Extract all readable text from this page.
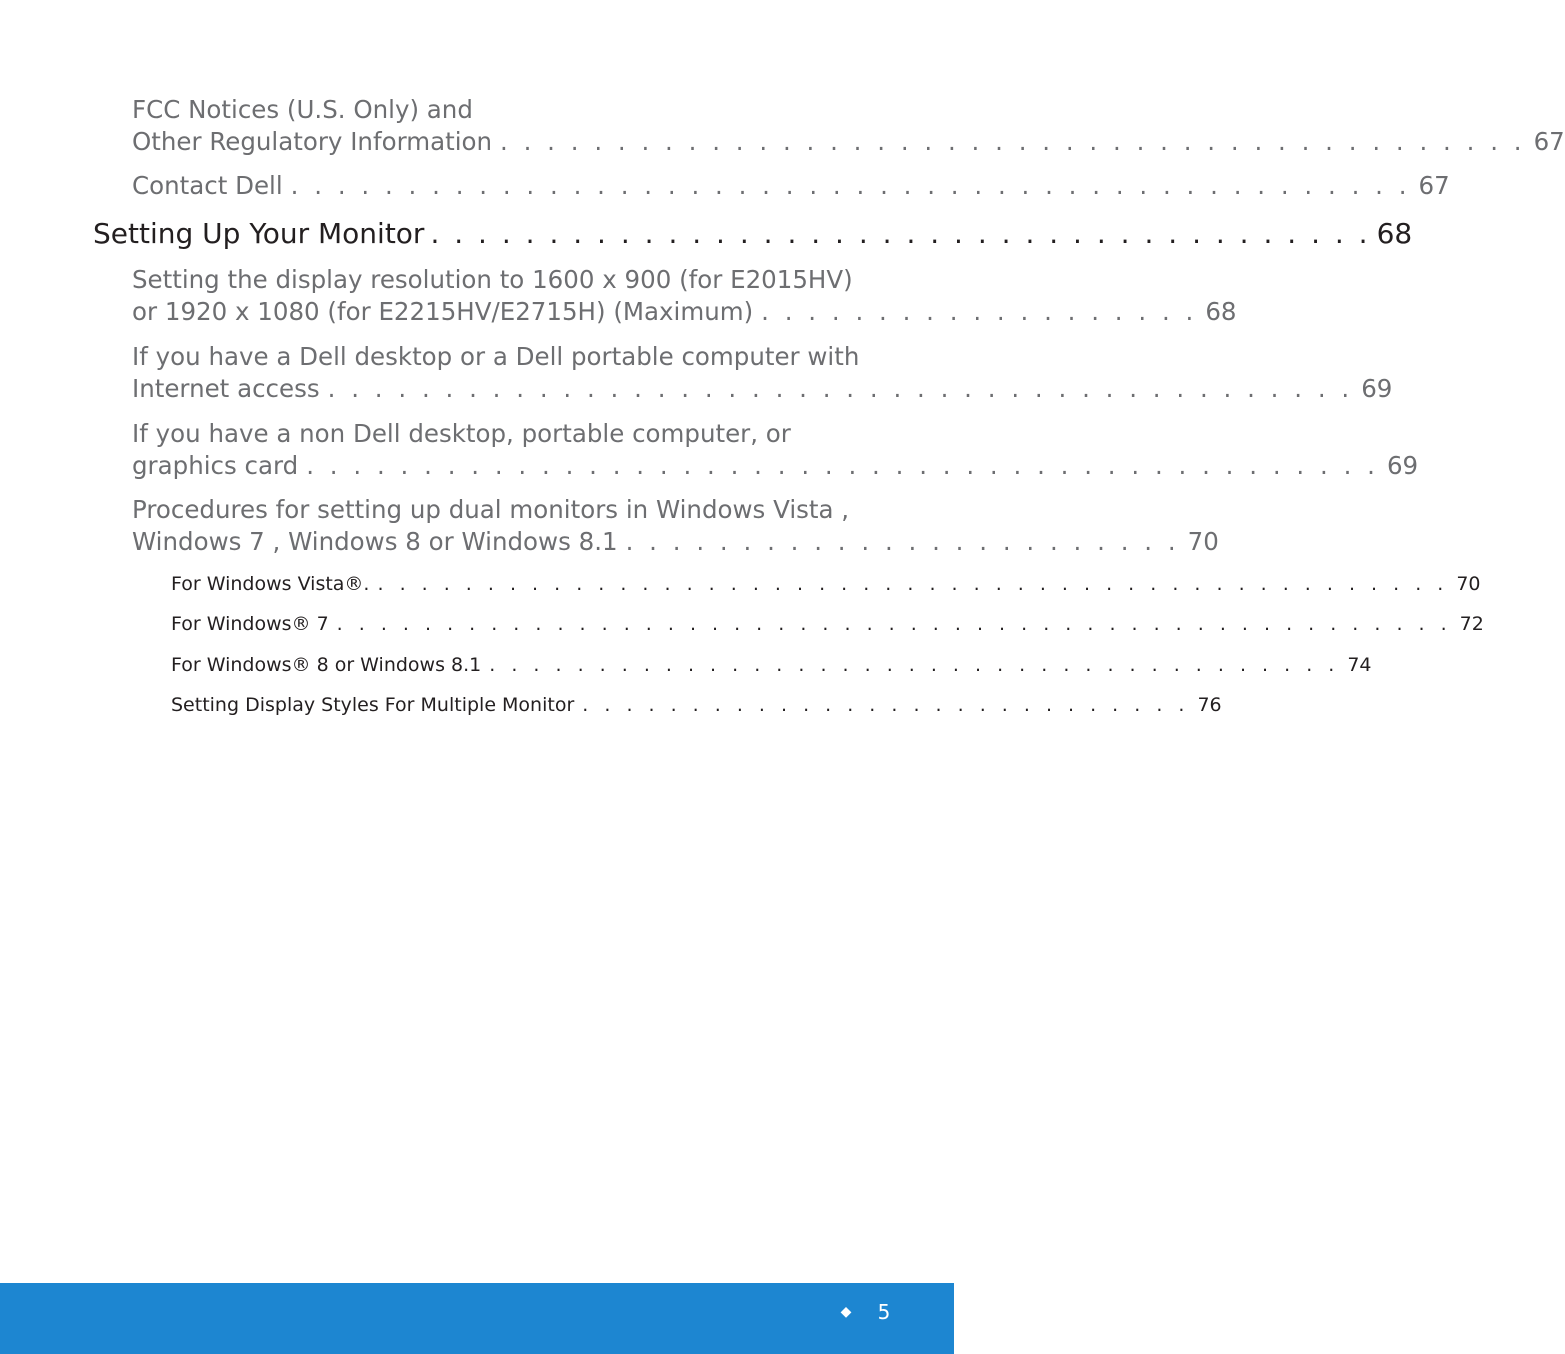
FCC Notices (U.S. Only) and
Other Regulatory Information . . . . . . . . . . . . . . . . . . . . . . . . . . . . . . . . . . . . . . . . . . . . 67
Contact Dell . . . . . . . . . . . . . . . . . . . . . . . . . . . . . . . . . . . . . . . . . . . . . . . . 67
Setting Up Your Monitor . . . . . . . . . . . . . . . . . . . . . . . . . . . . . . . . . . . . . . . . 68
Setting the display resolution to 1600 x 900 (for E2015HV)
or 1920 x 1080 (for E2215HV/E2715H) (Maximum) . . . . . . . . . . . . . . . . . . . 68
If you have a Dell desktop or a Dell portable computer with
Internet access . . . . . . . . . . . . . . . . . . . . . . . . . . . . . . . . . . . . . . . . . . . . 69
If you have a non Dell desktop, portable computer, or
graphics card . . . . . . . . . . . . . . . . . . . . . . . . . . . . . . . . . . . . . . . . . . . . . . 69
Procedures for setting up dual monitors in Windows Vista ,
Windows 7 , Windows 8 or Windows 8.1 . . . . . . . . . . . . . . . . . . . . . . . . 70
For Windows Vista®. . . . . . . . . . . . . . . . . . . . . . . . . . . . . . . . . . . . . . . . . . . . . . . . . . 70
For Windows® 7 . . . . . . . . . . . . . . . . . . . . . . . . . . . . . . . . . . . . . . . . . . . . . . . . . . . 72
For Windows® 8 or Windows 8.1 . . . . . . . . . . . . . . . . . . . . . . . . . . . . . . . . . . . . . . . 74
Setting Display Styles For Multiple Monitor . . . . . . . . . . . . . . . . . . . . . . . . . . . . 76
◆ 5
